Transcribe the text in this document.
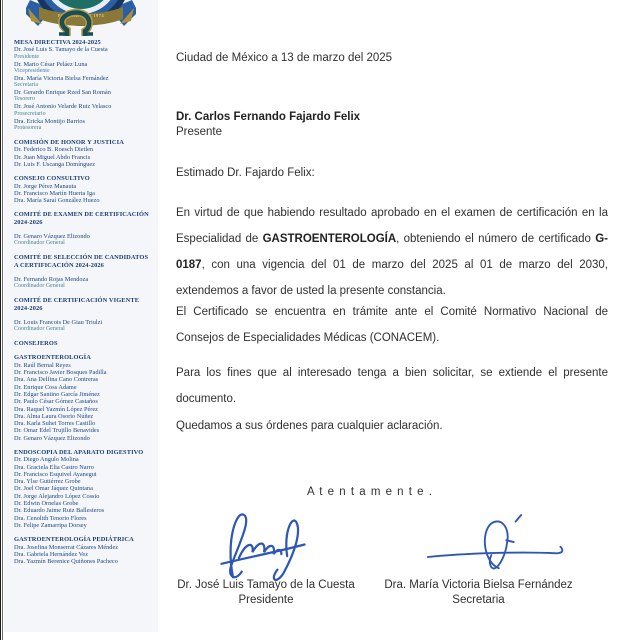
FUNDADO EN 1974
MESA DIRECTIVA 2024-2025
Dr. José Luis S. Tamayo de la Cuesta
Presidente
Dr. Mario César Peláez Luna
Vicepresidente
Dra. María Victoria Bielsa Fernández
Secretaria
Dr. Gerardo Enrique Rzed San Román
Tesorero
Dr. José Antonio Velarde Ruiz Velasco
Prosecretario
Dra. Ericka Montijo Barrios
Protesorera
COMISIÓN DE HONOR Y JUSTICIA
Dr. Federico B. Roesch Dietlen
Dr. Juan Miguel Abdo Francis
Dr. Luis F. Uscanga Domínguez
CONSEJO CONSULTIVO
Dr. Jorge Pérez Manauta
Dr. Francisco Martín Huerta Iga
Dra. María Saraí González Huezo
COMITÉ DE EXAMEN DE CERTIFICACIÓN 2024-2026
Dr. Genaro Vázquez Elizondo
Coordinador General
COMITÉ DE SELECCIÓN DE CANDIDATOS A CERTIFICACIÓN 2024-2026
Dr. Fernando Rojas Mendoza
Coordinador General
COMITÉ DE CERTIFICACIÓN VIGENTE 2024-2026
Dr. Louis Francois De Giau Triulzi
Coordinador General
CONSEJEROS
GASTROENTEROLOGÍA
Dr. Raúl Bernal Reyes
Dr. Francisco Javier Bosques Padilla
Dra. Ana Delfina Cano Contreras
Dr. Enrique Coss Adame
Dr. Edgar Santino García Jiménez
Dr. Paulo César Gómez Castaños
Dra. Raquel Yazmín López Pérez
Dra. Alma Laura Osorio Núñez
Dra. Karla Suhei Torres Castillo
Dr. Omar Edel Trujillo Benavides
Dr. Genaro Vázquez Elizondo
ENDOSCOPIA DEL APARATO DIGESTIVO
Dr. Diego Angulo Molina
Dra. Graciela Elia Castro Narro
Dr. Francisco Esquivel Ayanegui
Dra. Ylse Gutiérrez Grobe
Dr. Joel Omar Jáquez Quintana
Dr. Jorge Alejandro López Cossio
Dr. Edwin Ornelas Grobe
Dr. Eduardo Jaime Ruiz Ballesteros
Dra. Cenolith Tenorio Flores
Dr. Felipe Zamarripa Dorsey
GASTROENTEROLOGÍA PEDIÁTRICA
Dra. Josefina Monserrat Cázares Méndez
Dra. Gabriela Hernández Vez
Dra. Yazmín Berenice Quiñones Pacheco
Ciudad de México a 13 de marzo del 2025
Dr. Carlos Fernando Fajardo Felix
Presente
Estimado Dr. Fajardo Felix:
En virtud de que habiendo resultado aprobado en el examen de certificación en la Especialidad de GASTROENTEROLOGÍA, obteniendo el número de certificado G-0187, con una vigencia del 01 de marzo del 2025 al 01 de marzo del 2030, extendemos a favor de usted la presente constancia.
El Certificado se encuentra en trámite ante el Comité Normativo Nacional de Consejos de Especialidades Médicas (CONACEM).
Para los fines que al interesado tenga a bien solicitar, se extiende el presente documento.
Quedamos a sus órdenes para cualquier aclaración.
A t e n t a m e n t e .
Dr. José Luis Tamayo de la Cuesta
Presidente
Dra. María Victoria Bielsa Fernández
Secretaria
